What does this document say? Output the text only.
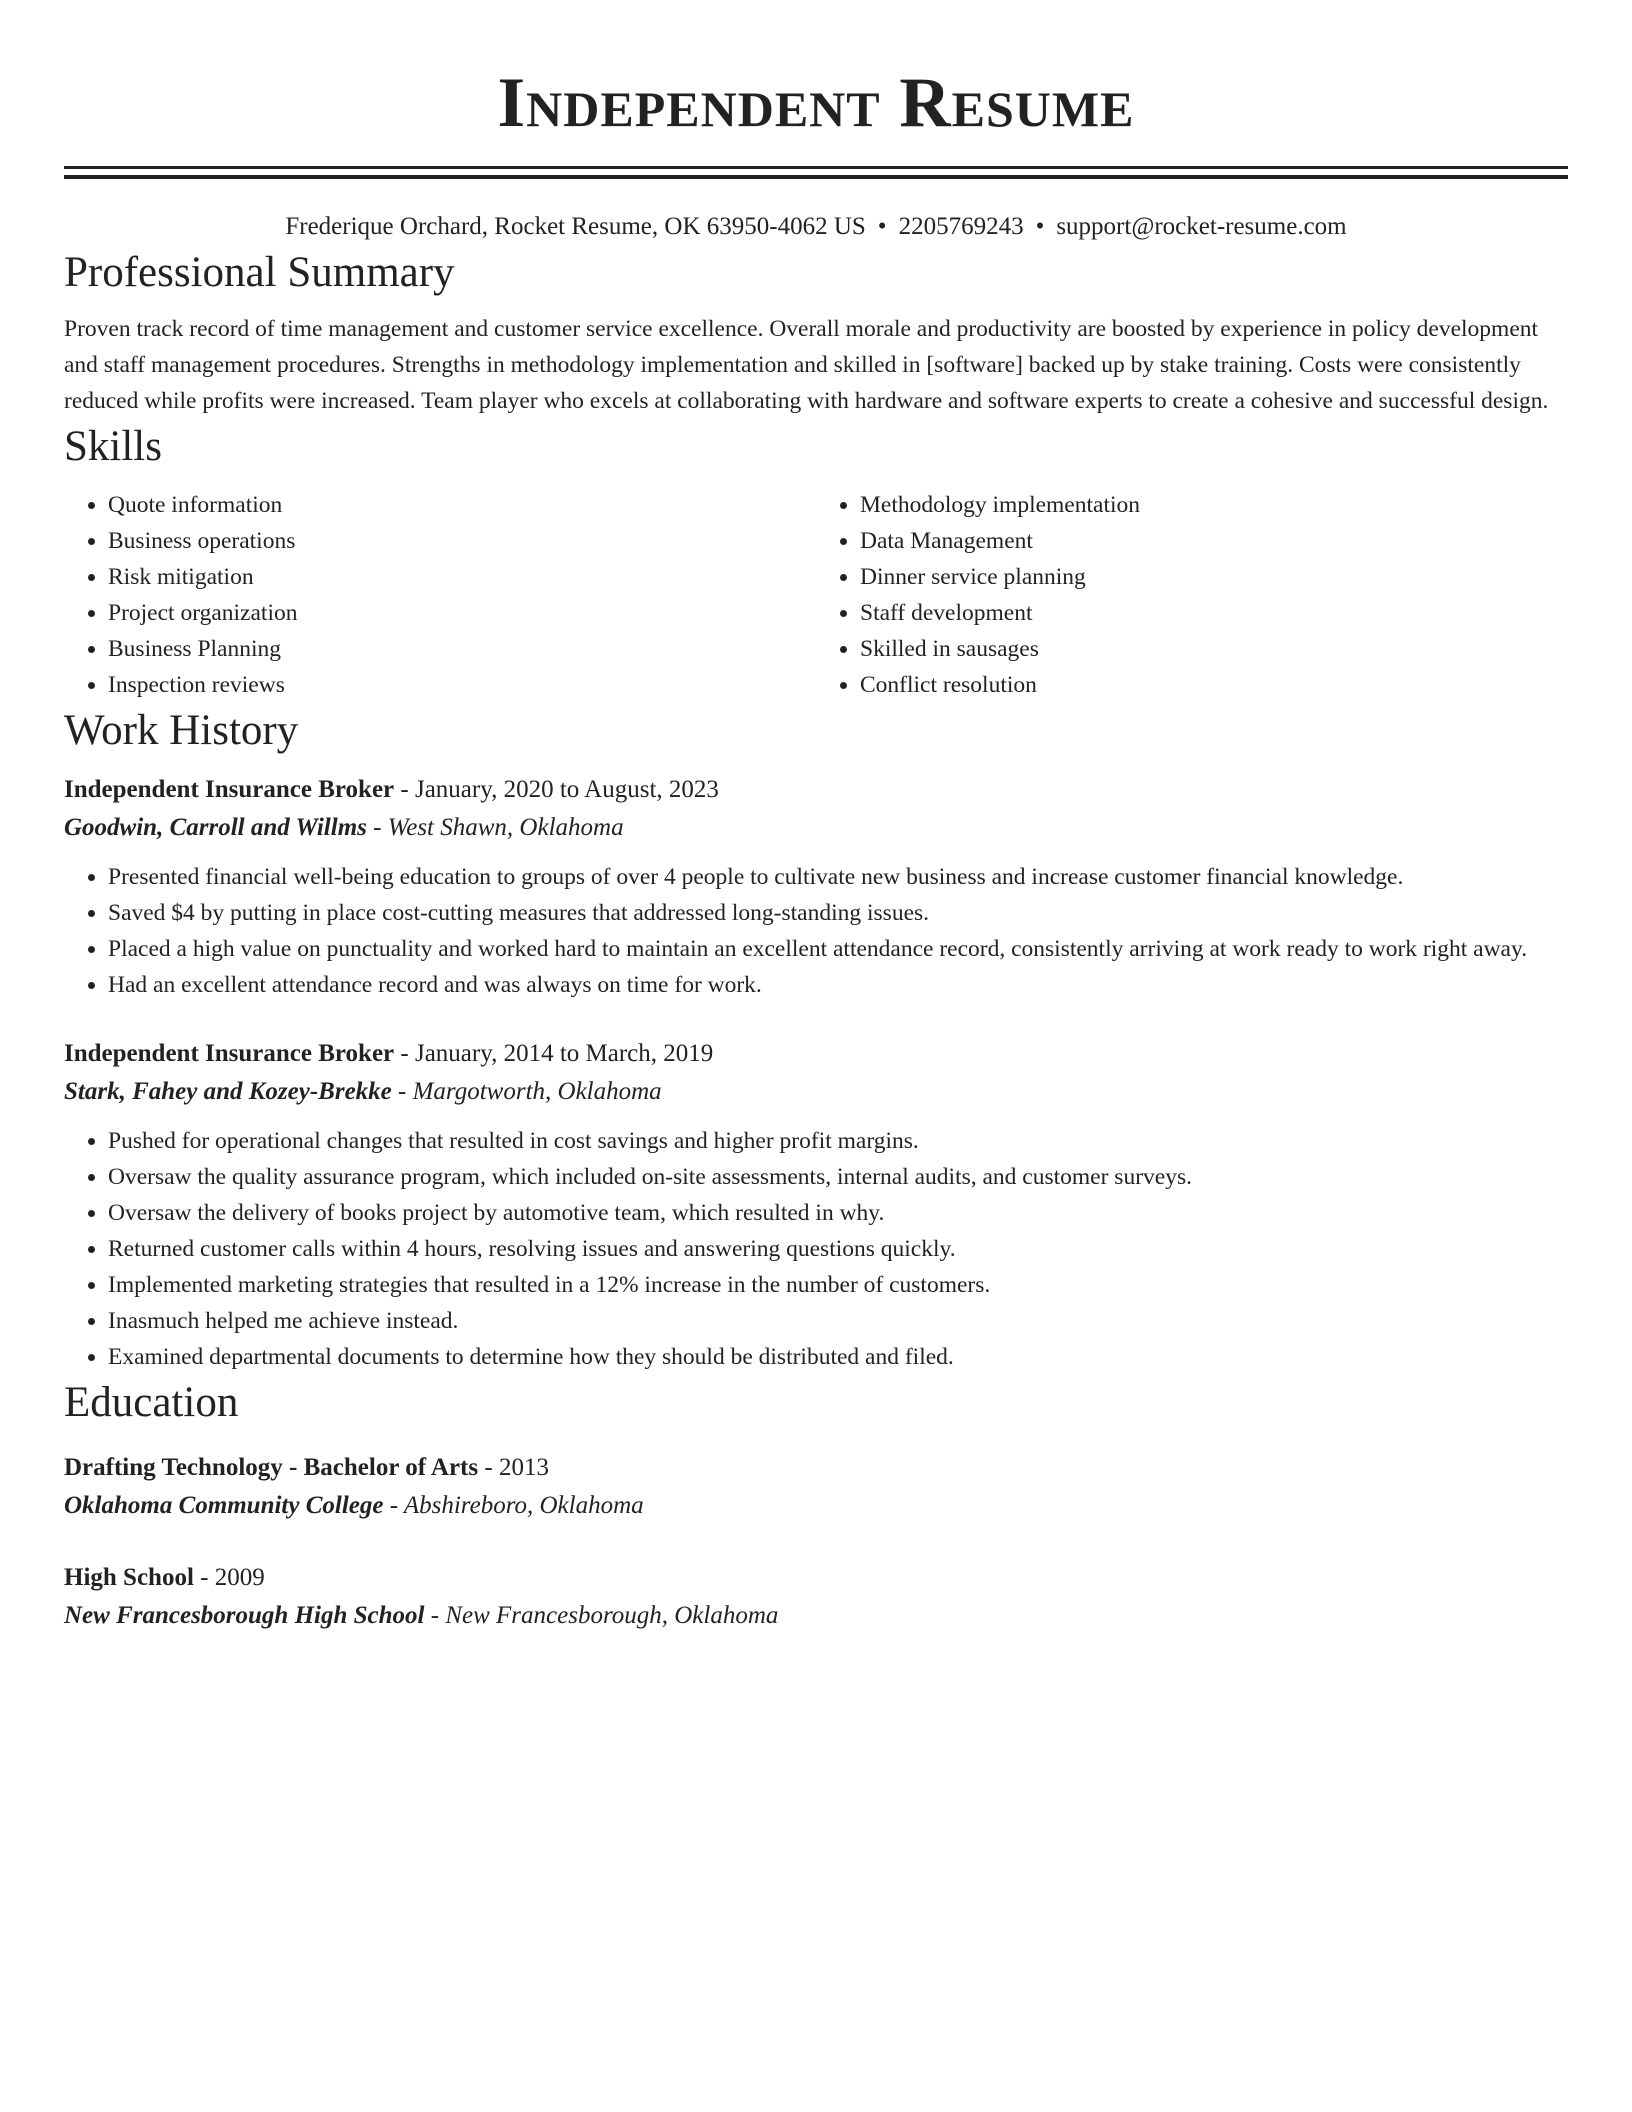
Independent Resume
Frederique Orchard, Rocket Resume, OK 63950-4062 US • 2205769243 • support@rocket-resume.com
Professional Summary

Proven track record of time management and customer service excellence. Overall morale and productivity are boosted by experience in policy development and staff management procedures. Strengths in methodology implementation and skilled in [software] backed up by stake training. Costs were consistently reduced while profits were increased. Team player who excels at collaborating with hardware and software experts to create a cohesive and successful design.

Skills
• Quote information
• Business operations
• Risk mitigation
• Project organization
• Business Planning
• Inspection reviews
• Methodology implementation
• Data Management
• Dinner service planning
• Staff development
• Skilled in sausages
• Conflict resolution
Work History
Independent Insurance Broker - January, 2020 to August, 2023
Goodwin, Carroll and Willms - West Shawn, Oklahoma
• Presented financial well-being education to groups of over 4 people to cultivate new business and increase customer financial knowledge.
• Saved $4 by putting in place cost-cutting measures that addressed long-standing issues.
• Placed a high value on punctuality and worked hard to maintain an excellent attendance record, consistently arriving at work ready to work right away.
• Had an excellent attendance record and was always on time for work.
Independent Insurance Broker - January, 2014 to March, 2019
Stark, Fahey and Kozey-Brekke - Margotworth, Oklahoma
• Pushed for operational changes that resulted in cost savings and higher profit margins.
• Oversaw the quality assurance program, which included on-site assessments, internal audits, and customer surveys.
• Oversaw the delivery of books project by automotive team, which resulted in why.
• Returned customer calls within 4 hours, resolving issues and answering questions quickly.
• Implemented marketing strategies that resulted in a 12% increase in the number of customers.
• Inasmuch helped me achieve instead.
• Examined departmental documents to determine how they should be distributed and filed.
Education
Drafting Technology - Bachelor of Arts - 2013
Oklahoma Community College - Abshireboro, Oklahoma
High School - 2009
New Francesborough High School - New Francesborough, Oklahoma
